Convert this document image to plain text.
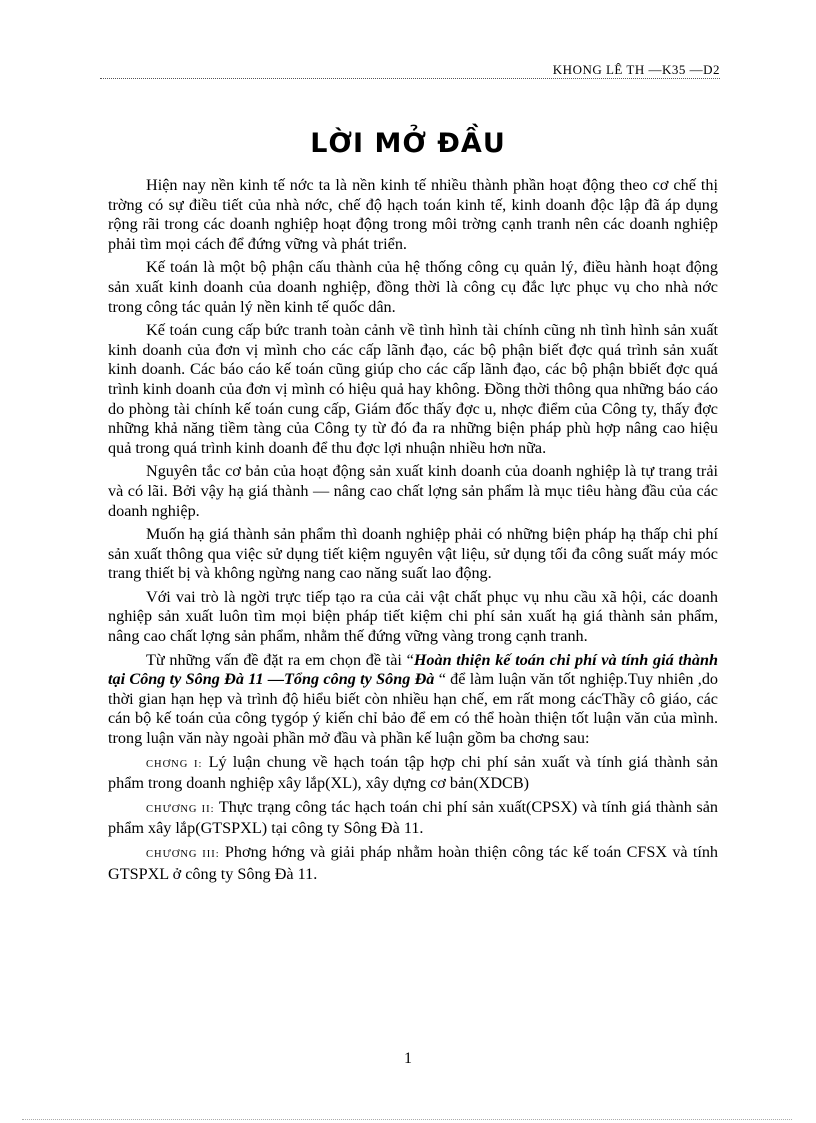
KHONG LÊ TH —K35 —D2
LỜI MỞ ĐẦU

Hiện nay nền kinh tế nớc ta là nền kinh tế nhiều thành phần hoạt động theo cơ chế thị trờng có sự điều tiết của nhà nớc, chế độ hạch toán kinh tế, kinh doanh độc lập đã áp dụng rộng rãi trong các doanh nghiệp hoạt động trong môi trờng cạnh tranh nên các doanh nghiệp phải tìm mọi cách để đứng vững và phát triển.

Kế toán là một bộ phận cấu thành của hệ thống công cụ quản lý, điều hành hoạt động sản xuất kinh doanh của doanh nghiệp, đồng thời là công cụ đắc lực phục vụ cho nhà nớc trong công tác quản lý nền kinh tế quốc dân.

Kế toán cung cấp bức tranh toàn cảnh về tình hình tài chính cũng nh tình hình sản xuất kinh doanh của đơn vị mình cho các cấp lãnh đạo, các bộ phận biết đợc quá trình sản xuất kinh doanh. Các báo cáo kế toán cũng giúp cho các cấp lãnh đạo, các bộ phận bbiết đợc quá trình kinh doanh của đơn vị mình có hiệu quả hay không. Đồng thời thông qua những báo cáo do phòng tài chính kế toán cung cấp, Giám đốc thấy đợc u, nhợc điểm của Công ty, thấy đợc những khả năng tiềm tàng của Công ty từ đó đa ra những biện pháp phù hợp nâng cao hiệu quả trong quá trình kinh doanh để thu đợc lợi nhuận nhiều hơn nữa.

Nguyên tắc cơ bản của hoạt động sản xuất kinh doanh của doanh nghiệp là tự trang trải và có lãi. Bởi vậy hạ giá thành — nâng cao chất lợng sản phẩm là mục tiêu hàng đầu của các doanh nghiệp.

Muốn hạ giá thành sản phẩm thì doanh nghiệp phải có những biện pháp hạ thấp chi phí sản xuất thông qua việc sử dụng tiết kiệm nguyên vật liệu, sử dụng tối đa công suất máy móc trang thiết bị và không ngừng nang cao năng suất lao động.

Với vai trò là ngời trực tiếp tạo ra của cải vật chất phục vụ nhu cầu xã hội, các doanh nghiệp sản xuất luôn tìm mọi biện pháp tiết kiệm chi phí sản xuất hạ giá thành sản phẩm, nâng cao chất lợng sản phẩm, nhằm thế đứng vững vàng trong cạnh tranh.

Từ những vấn đề đặt ra em chọn đề tài “Hoàn thiện kế toán chi phí và tính giá thành tại Công ty Sông Đà 11 —Tổng công ty Sông Đà “ để làm luận văn tốt nghiệp.Tuy nhiên ,do thời gian hạn hẹp và trình độ hiểu biết còn nhiều hạn chế, em rất mong cácThầy cô giáo, các cán bộ kế toán của công tygóp ý kiến chỉ bảo để em có thể hoàn thiện tốt luận văn của mình. trong luận văn này ngoài phần mở đầu và phần kế luận gồm ba chơng sau:

CHƠNG I: Lý luận chung về hạch toán tập hợp chi phí sản xuất và tính giá thành sản phẩm trong doanh nghiệp xây lắp(XL), xây dựng cơ bản(XDCB)

CHƯƠNG II: Thực trạng công tác hạch toán chi phí sản xuất(CPSX) và tính giá thành sản phẩm xây lắp(GTSPXL) tại công ty Sông Đà 11.

CHƯƠNG III: Phơng hớng và giải pháp nhằm hoàn thiện công tác kế toán CFSX và tính GTSPXL ở công ty Sông Đà 11.

1
